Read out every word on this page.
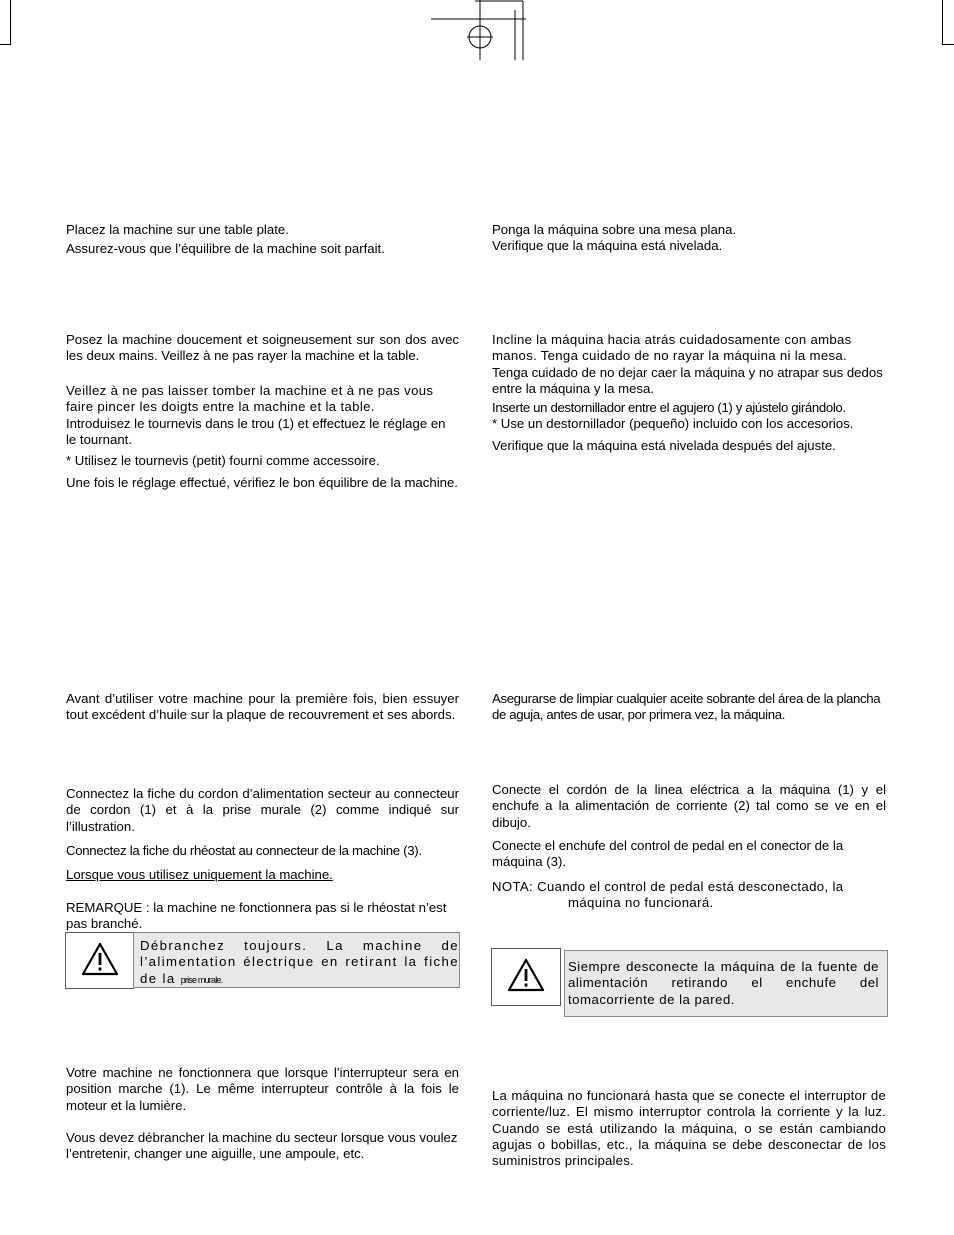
Placez la machine sur une table plate.

Assurez-vous que l’équilibre de la machine soit parfait.

Posez la machine doucement et soigneusement sur son dos avec les deux mains. Veillez à ne pas rayer la machine et la table.

Veillez à ne pas laisser tomber la machine et à ne pas vous faire pincer les doigts entre la machine et la table.

Introduisez le tournevis dans le trou (1) et effectuez le réglage en le tournant.

* Utilisez le tournevis (petit) fourni comme accessoire.

Une fois le réglage effectué, vérifiez le bon équilibre de la machine.

Avant d’utiliser votre machine pour la première fois, bien essuyer tout excédent d’huile sur la plaque de recouvrement et ses abords.

Connectez la fiche du cordon d’alimentation secteur au connecteur de cordon (1) et à la prise murale (2) comme indiqué sur l’illustration.

Connectez la fiche du rhéostat au connecteur de la machine (3).

Lorsque vous utilisez uniquement la machine.

REMARQUE : la machine ne fonctionnera pas si le rhéostat n’est pas branché.

Débranchez toujours. La machine de l’alimentation électrique en retirant la fiche de la prise murale.

Votre machine ne fonctionnera que lorsque l’interrupteur sera en position marche (1). Le même interrupteur contrôle à la fois le moteur et la lumière.

Vous devez débrancher la machine du secteur lorsque vous voulez l’entretenir, changer une aiguille, une ampoule, etc.

Ponga la máquina sobre una mesa plana.

Verifique que la máquina está nivelada.

Incline la máquina hacia atrás cuidadosamente con ambas manos. Tenga cuidado de no rayar la máquina ni la mesa.

Tenga cuidado de no dejar caer la máquina y no atrapar sus dedos entre la máquina y la mesa.

Inserte un destornillador entre el agujero (1) y ajústelo girándolo.

* Use un destornillador (pequeño) incluido con los accesorios.

Verifique que la máquina está nivelada después del ajuste.

Asegurarse de limpiar cualquier aceite sobrante del área de la plancha de aguja, antes de usar, por primera vez, la máquina.

Conecte el cordón de la linea eléctrica a la máquina (1) y el enchufe a la alimentación de corriente (2) tal como se ve en el dibujo.

Conecte el enchufe del control de pedal en el conector de la máquina (3).

NOTA: Cuando el control de pedal está desconectado, la

máquina no funcionará.

Siempre desconecte la máquina de la fuente de alimentación retirando el enchufe del tomacorriente de la pared.

La máquina no funcionará hasta que se conecte el interruptor de corriente/luz. El mismo interruptor controla la corriente y la luz. Cuando se está utilizando la máquina, o se están cambiando agujas o bobillas, etc., la máquina se debe desconectar de los suministros principales.
